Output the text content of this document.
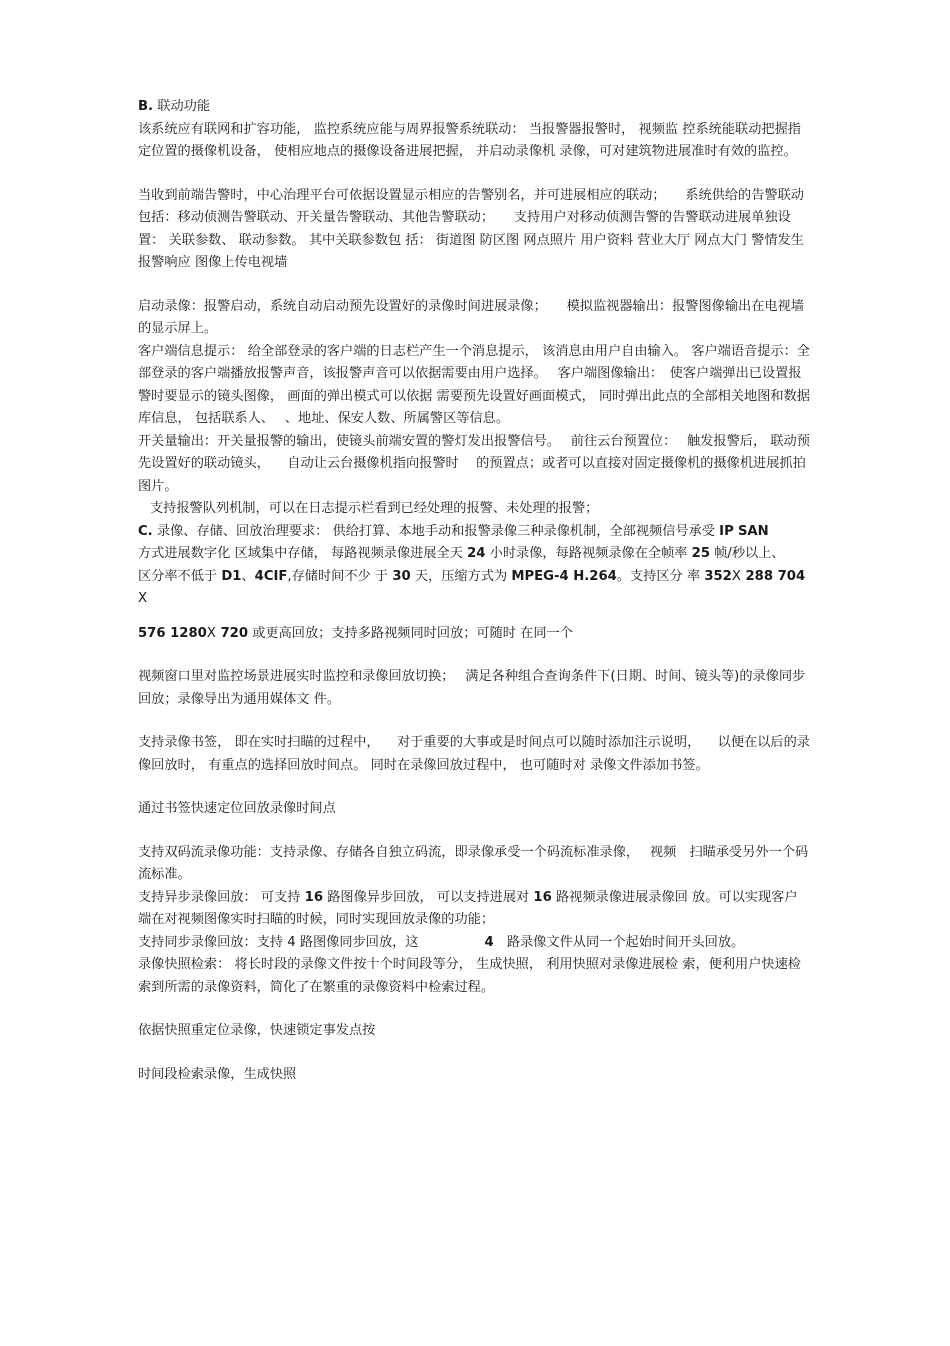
B. 联动功能

该系统应有联网和扩容功能， 监控系统应能与周界报警系统联动： 当报警器报警时， 视频监 控系统能联动把握指定位置的摄像机设备， 使相应地点的摄像设备进展把握， 并启动录像机 录像，可对建筑物进展准时有效的监控。

当收到前端告警时，中心治理平台可依据设置显示相应的告警别名，并可进展相应的联动；　　系统供给的告警联动包括：移动侦测告警联动、开关量告警联动、其他告警联动；　　支持用户对移动侦测告警的告警联动进展单独设置： 关联参数、 联动参数。 其中关联参数包 括： 街道图 防区图 网点照片 用户资料 营业大厅 网点大门 警情发生 报警响应 图像上传电视墙

启动录像：报警启动，系统自动启动预先设置好的录像时间进展录像；　　模拟监视器输出：报警图像输出在电视墙的显示屏上。

客户端信息提示： 给全部登录的客户端的日志栏产生一个消息提示， 该消息由用户自由输入。 客户端语音提示：全部登录的客户端播放报警声音，该报警声音可以依据需要由用户选择。　 客户端图像输出：　使客户端弹出已设置报警时要显示的镜头图像， 画面的弹出模式可以依据 需要预先设置好画面模式， 同时弹出此点的全部相关地图和数据库信息， 包括联系人、　 、地址、保安人数、所属警区等信息。

开关量输出：开关量报警的输出，使镜头前端安置的警灯发出报警信号。　 前往云台预置位：　 触发报警后， 联动预先设置好的联动镜头， 　自动让云台摄像机指向报警时　 的预置点；或者可以直接对固定摄像机的摄像机进展抓拍图片。

支持报警队列机制，可以在日志提示栏看到已经处理的报警、未处理的报警；

C. 录像、存储、回放治理要求： 供给打算、本地手动和报警录像三种录像机制，全部视频信号承受 IP SAN
方式进展数字化 区域集中存储， 每路视频录像进展全天 24 小时录像，每路视频录像在全帧率 25 帧/秒以上、
区分率不低于 D1、4CIF,存储时间不少 于 30 天，压缩方式为 MPEG-4 H.264。支持区分 率 352X 288 704X

576 1280X 720 或更高回放；支持多路视频同时回放；可随时 在同一个

视频窗口里对监控场景进展实时监控和录像回放切换；　 满足各种组合查询条件下(日期、时间、镜头等)的录像同步回放；录像导出为通用媒体文 件。

支持录像书签， 即在实时扫瞄的过程中， 　对于重要的大事或是时间点可以随时添加注示说明， 　以便在以后的录像回放时， 有重点的选择回放时间点。 同时在录像回放过程中， 也可随时对 录像文件添加书签。

通过书签快速定位回放录像时间点

支持双码流录像功能：支持录像、存储各自独立码流，即录像承受一个码流标准录像，　 视频　扫瞄承受另外一个码流标准。

支持异步录像回放： 可支持 16 路图像异步回放， 可以支持进展对 16 路视频录像进展录像回 放。可以实现客户端在对视频图像实时扫瞄的时候，同时实现回放录像的功能；

支持同步录像回放：支持 4 路图像同步回放，这　　　　　4　路录像文件从同一个起始时间开头回放。

录像快照检索： 将长时段的录像文件按十个时间段等分， 生成快照， 利用快照对录像进展检 索，便利用户快速检索到所需的录像资料，简化了在繁重的录像资料中检索过程。

依据快照重定位录像，快速锁定事发点按

时间段检索录像，生成快照
